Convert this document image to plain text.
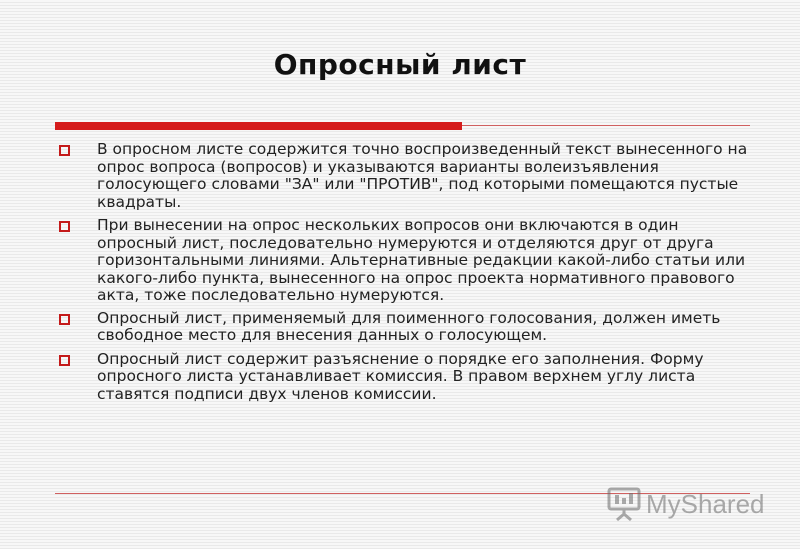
Опросный лист
В опросном листе содержится точно воспроизведенный текст вынесенного на опрос вопроса (вопросов) и указываются варианты волеизъявления голосующего словами "ЗА" или "ПРОТИВ", под которыми помещаются пустые квадраты.
При вынесении на опрос нескольких вопросов они включаются в один опросный лист, последовательно нумеруются и отделяются друг от друга горизонтальными линиями. Альтернативные редакции какой-либо статьи или какого-либо пункта, вынесенного на опрос проекта нормативного правового акта, тоже последовательно нумеруются.
Опросный лист, применяемый для поименного голосования, должен иметь свободное место для внесения данных о голосующем.
Опросный лист содержит разъяснение о порядке его заполнения. Форму опросного листа устанавливает комиссия. В правом верхнем углу листа ставятся подписи двух членов комиссии.
MyShared
